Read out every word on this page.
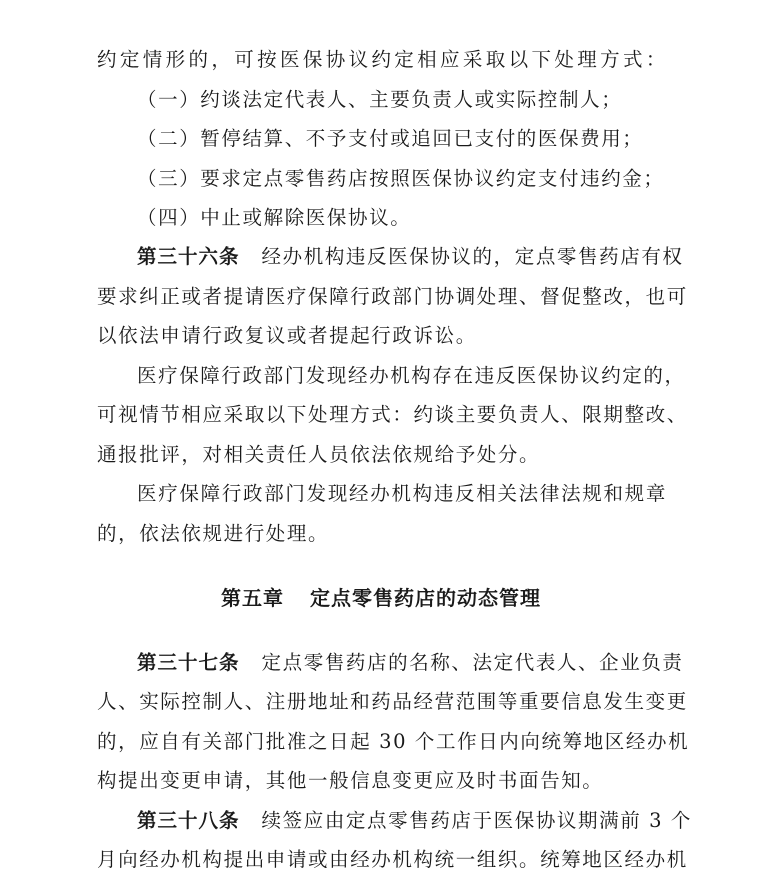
约定情形的，可按医保协议约定相应采取以下处理方式：
（一）约谈法定代表人、主要负责人或实际控制人；
（二）暂停结算、不予支付或追回已支付的医保费用；
（三）要求定点零售药店按照医保协议约定支付违约金；
（四）中止或解除医保协议。
第三十六条 经办机构违反医保协议的，定点零售药店有权
要求纠正或者提请医疗保障行政部门协调处理、督促整改，也可
以依法申请行政复议或者提起行政诉讼。
医疗保障行政部门发现经办机构存在违反医保协议约定的，
可视情节相应采取以下处理方式：约谈主要负责人、限期整改、
通报批评，对相关责任人员依法依规给予处分。
医疗保障行政部门发现经办机构违反相关法律法规和规章
的，依法依规进行处理。
第五章 定点零售药店的动态管理
第三十七条 定点零售药店的名称、法定代表人、企业负责
人、实际控制人、注册地址和药品经营范围等重要信息发生变更
的，应自有关部门批准之日起 30 个工作日内向统筹地区经办机
构提出变更申请，其他一般信息变更应及时书面告知。
第三十八条 续签应由定点零售药店于医保协议期满前 3 个
月向经办机构提出申请或由经办机构统一组织。统筹地区经办机
